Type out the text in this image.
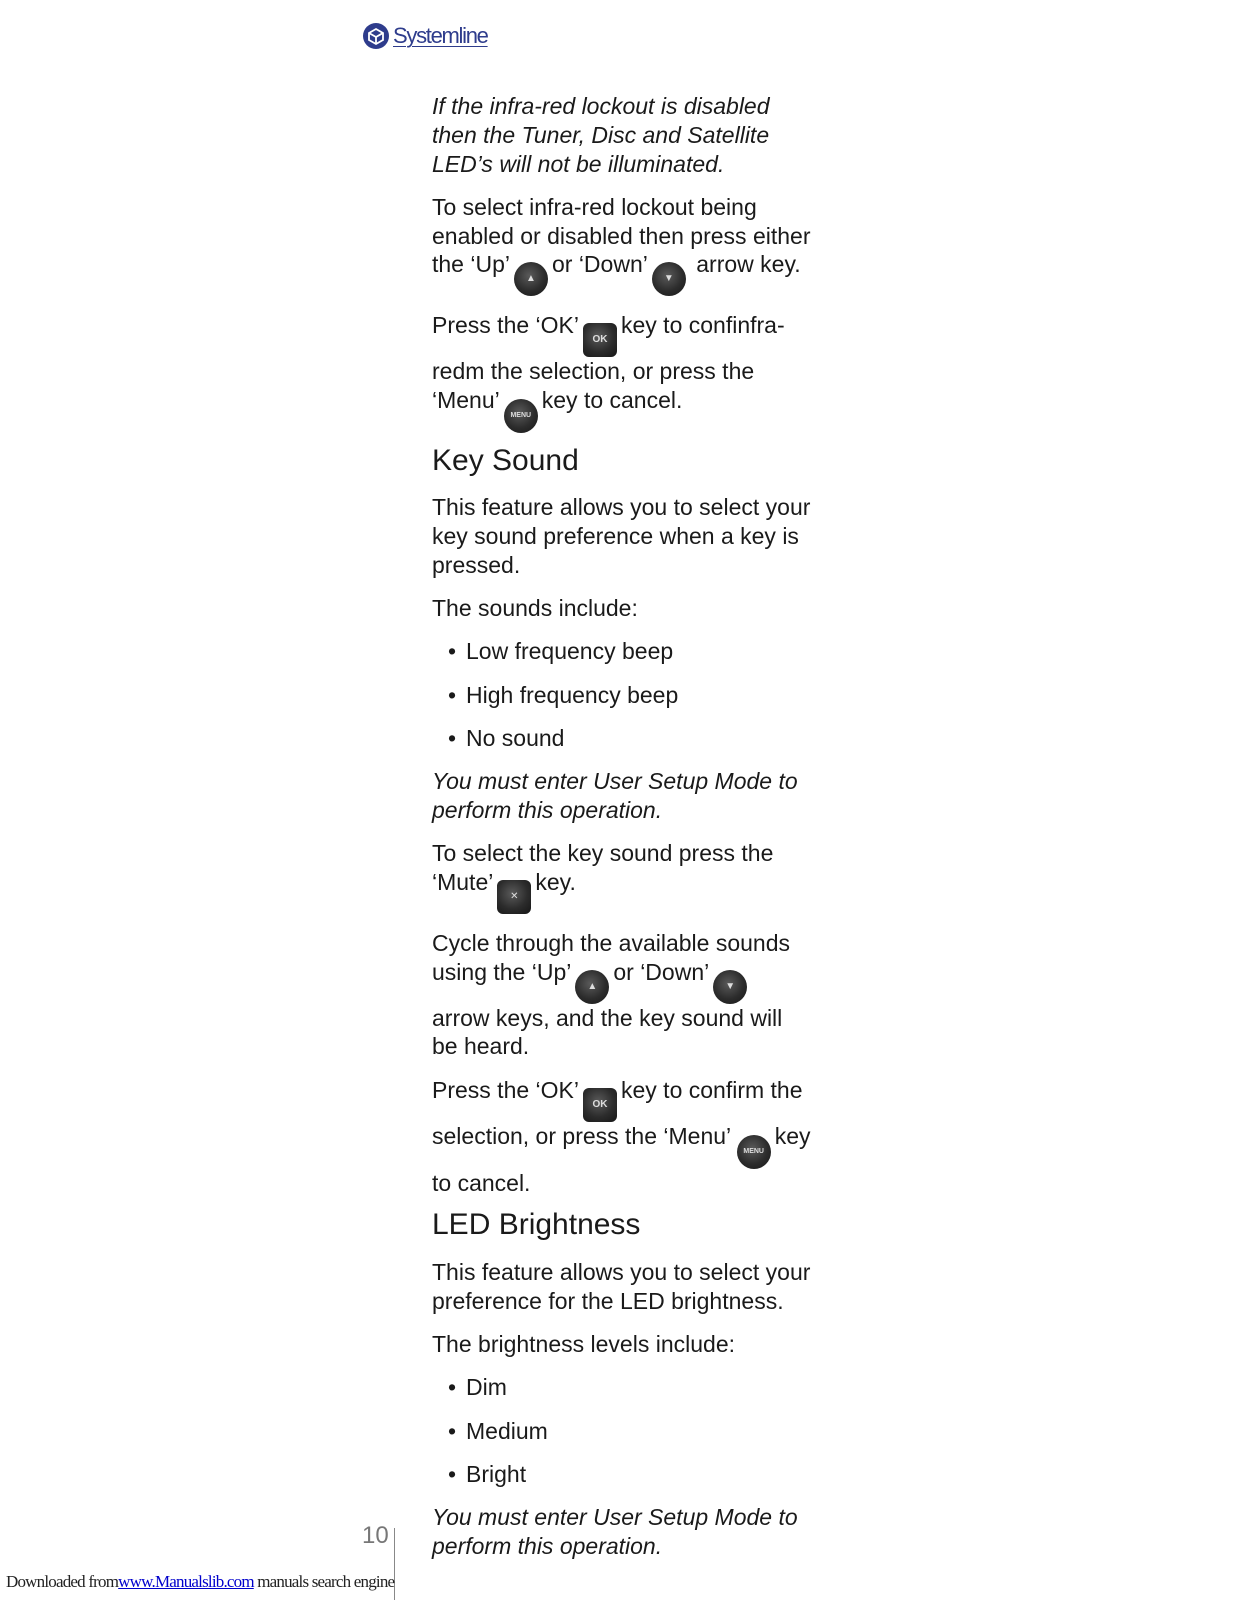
Systemline

If the infra-red lockout is disabled then the Tuner, Disc and Satellite LED’s will not be illuminated.

To select infra-red lockout being enabled or disabled then press either the ‘Up’▲or ‘Down’▼ arrow key.

Press the ‘OK’OKkey to confinfra-redm the selection, or press the ‘Menu’MENUkey to cancel.

Key Sound

This feature allows you to select your key sound preference when a key is pressed.

The sounds include:

• Low frequency beep
• High frequency beep
• No sound

You must enter User Setup Mode to perform this operation.

To select the key sound press the ‘Mute’✕key.

Cycle through the available sounds using the ‘Up’▲or ‘Down’▼ arrow keys, and the key sound will be heard.

Press the ‘OK’OKkey to confirm the selection, or press the ‘Menu’ MENUkey to cancel.

LED Brightness

This feature allows you to select your preference for the LED brightness.

The brightness levels include:

• Dim
• Medium
• Bright

You must enter User Setup Mode to perform this operation.

10
Downloaded fromwww.Manualslib.com manuals search engine
